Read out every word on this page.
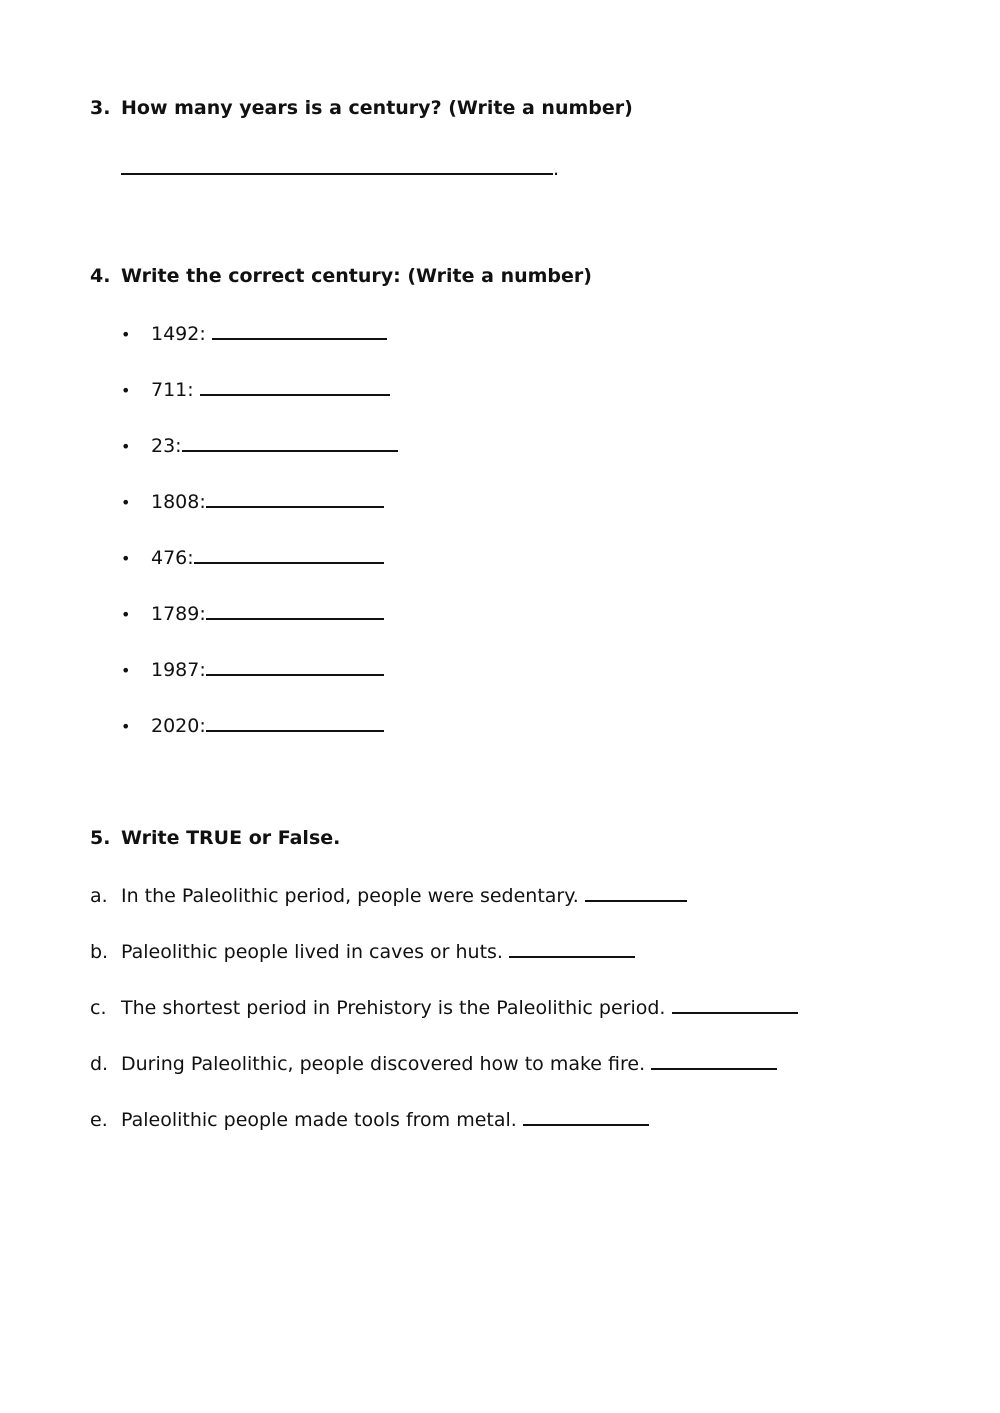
3. How many years is a century? (Write a number)
.
4. Write the correct century: (Write a number)
• 1492:
• 711:
• 23:
• 1808:
• 476:
• 1789:
• 1987:
• 2020:
5. Write TRUE or False.
a. In the Paleolithic period, people were sedentary.
b. Paleolithic people lived in caves or huts.
c. The shortest period in Prehistory is the Paleolithic period.
d. During Paleolithic, people discovered how to make fire.
e. Paleolithic people made tools from metal.
